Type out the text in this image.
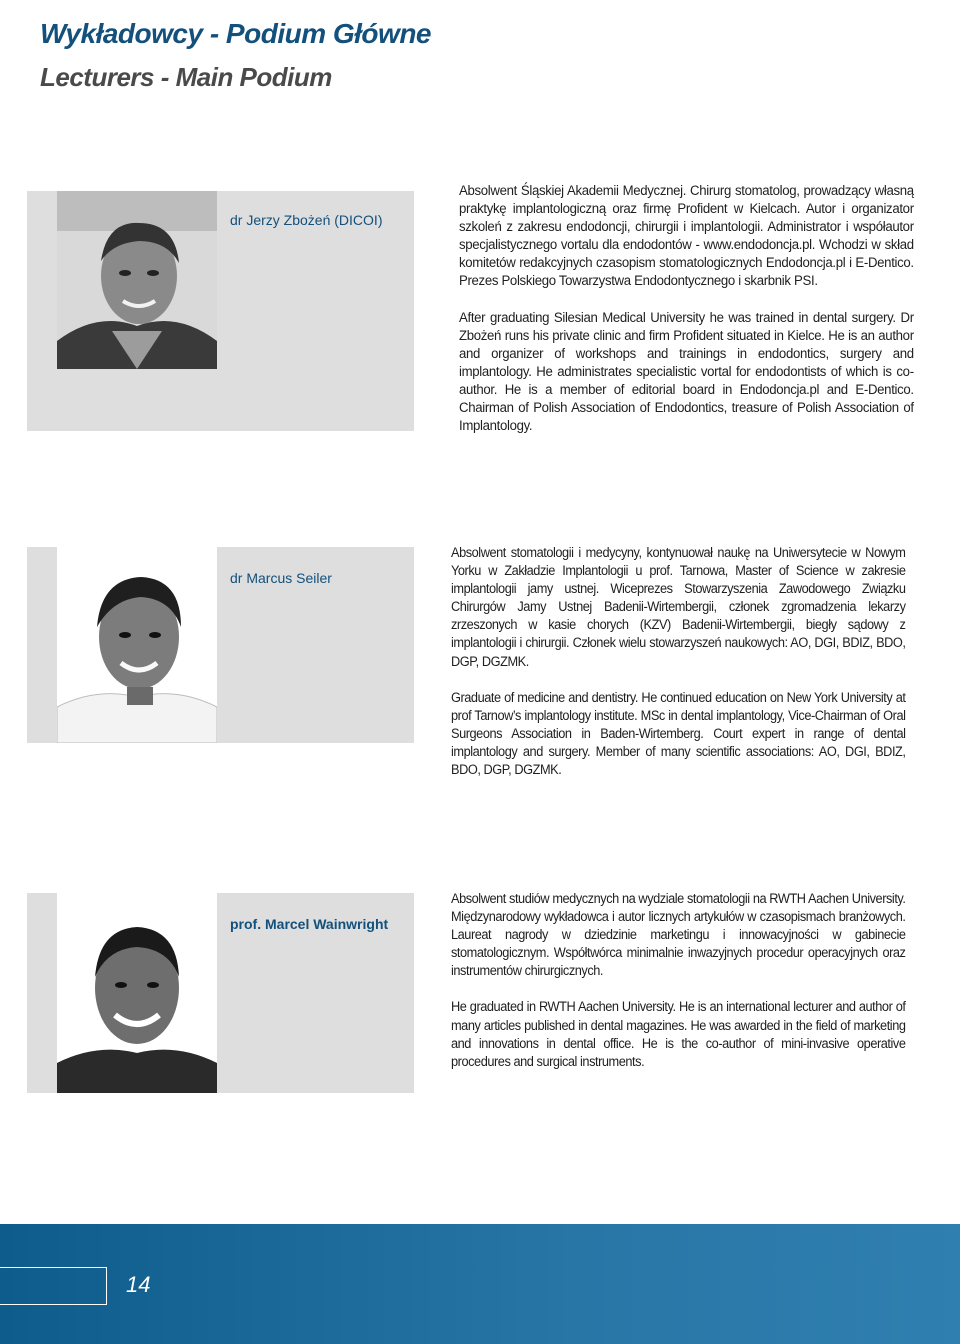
Wykładowcy - Podium Główne
Lecturers - Main Podium
dr Jerzy Zbożeń (DICOI)

Absolwent Śląskiej Akademii Medycznej. Chirurg stomatolog, prowadzący własną praktykę implantologiczną oraz firmę Profident w Kielcach. Autor i organizator szkoleń z zakresu endodoncji, chirurgii i implantologii. Administrator i współautor specjalistycznego vortalu dla endodontów - www.endodoncja.pl. Wchodzi w skład komitetów redakcyjnych czasopism stomatologicznych Endodoncja.pl i E-Dentico. Prezes Polskiego Towarzystwa Endodontycznego i skarbnik PSI.

After graduating Silesian Medical University he was trained in dental surgery. Dr Zbożeń runs his private clinic and firm Profident situated in Kielce. He is an author and organizer of workshops and trainings in endodontics, surgery and implantology. He administrates specialistic vortal for endodontists of which is co-author. He is a member of editorial board in Endodoncja.pl and E-Dentico. Chairman of Polish Association of Endodontics, treasure of Polish Association of Implantology.

dr Marcus Seiler

Absolwent stomatologii i medycyny, kontynuował naukę na Uniwersytecie w Nowym Yorku w Zakładzie Implantologii u prof. Tarnowa, Master of Science w zakresie implantologii jamy ustnej. Wiceprezes Stowarzyszenia Zawodowego Związku Chirurgów Jamy Ustnej Badenii-Wirtembergii, członek zgromadzenia lekarzy zrzeszonych w kasie chorych (KZV) Badenii-Wirtembergii, biegły sądowy z implantologii i chirurgii. Członek wielu stowarzyszeń naukowych: AO, DGI, BDIZ, BDO, DGP, DGZMK.

Graduate of medicine and dentistry. He continued education on New York University at prof Tarnow’s implantology institute. MSc in dental implantology, Vice-Chairman of Oral Surgeons Association in Baden-Wirtemberg. Court expert in range of dental implantology and surgery. Member of many scientific associations: AO, DGI, BDIZ, BDO, DGP, DGZMK.

prof. Marcel Wainwright

Absolwent studiów medycznych na wydziale stomatologii na RWTH Aachen University. Międzynarodowy wykładowca i autor licznych artykułów w czasopismach branżowych. Laureat nagrody w dziedzinie marketingu i innowacyjności w gabinecie stomatologicznym. Współtwórca minimalnie inwazyjnych procedur operacyjnych oraz instrumentów chirurgicznych.

He graduated in RWTH Aachen University. He is an international lecturer and author of many articles published in dental magazines. He was awarded in the field of marketing and innovations in dental office. He is the co-author of mini-invasive operative procedures and surgical instruments.

14
